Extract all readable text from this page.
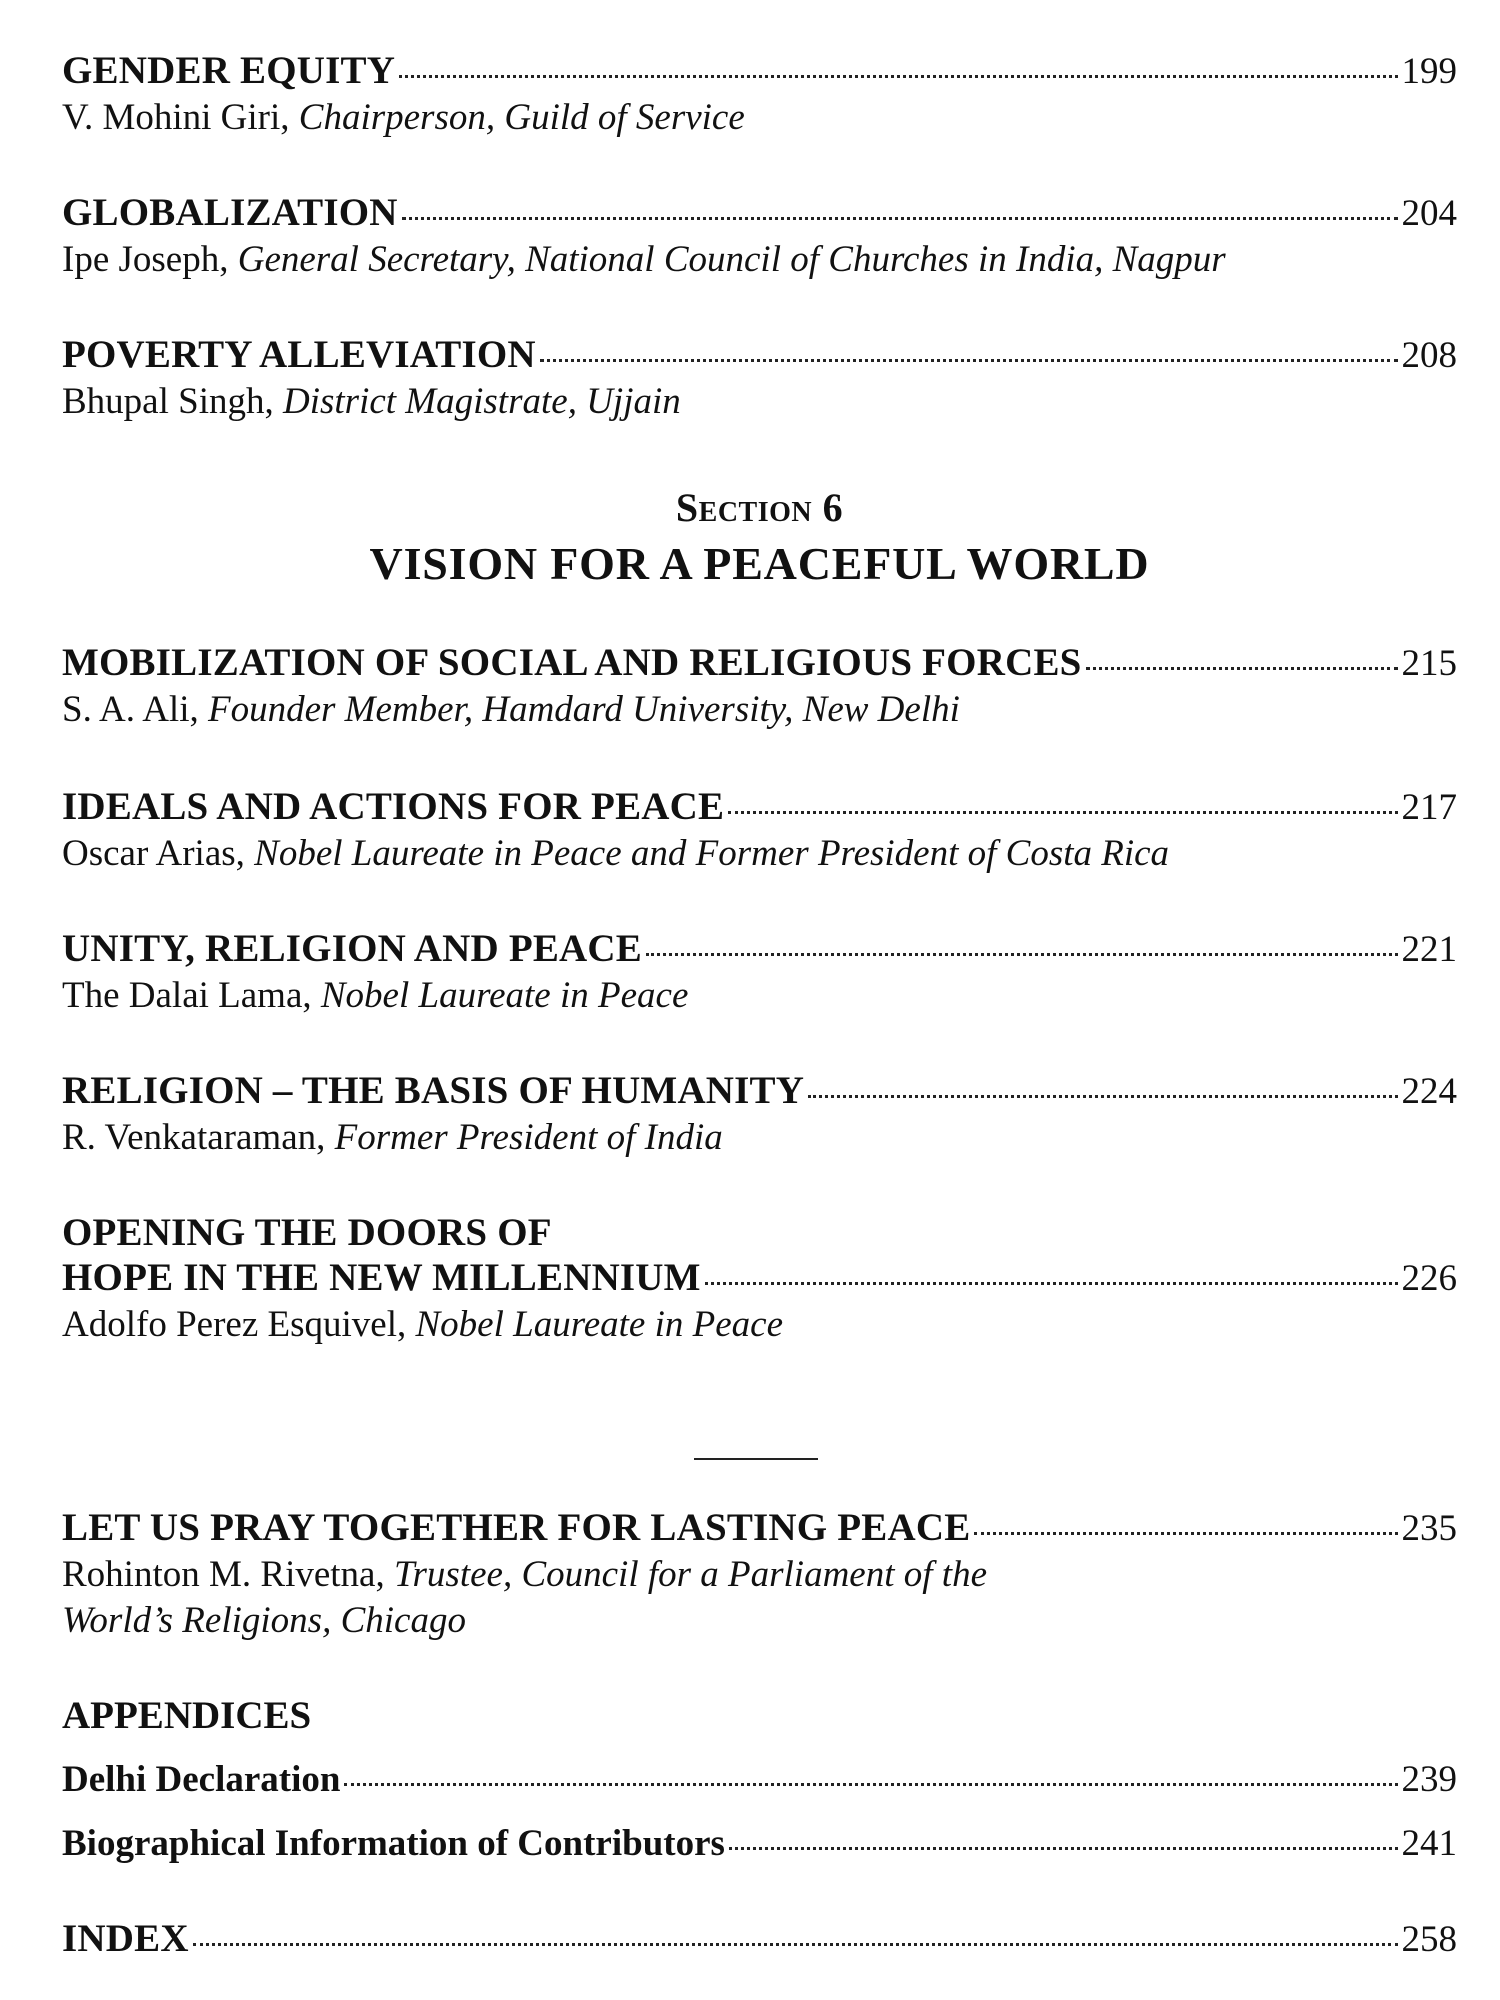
GENDER EQUITY	199
V. Mohini Giri, Chairperson, Guild of Service
GLOBALIZATION	204
Ipe Joseph, General Secretary, National Council of Churches in India, Nagpur
POVERTY ALLEVIATION	208
Bhupal Singh, District Magistrate, Ujjain
Section 6
VISION FOR A PEACEFUL WORLD
MOBILIZATION OF SOCIAL AND RELIGIOUS FORCES	215
S. A. Ali, Founder Member, Hamdard University, New Delhi
IDEALS AND ACTIONS FOR PEACE	217
Oscar Arias, Nobel Laureate in Peace and Former President of Costa Rica
UNITY, RELIGION AND PEACE	221
The Dalai Lama, Nobel Laureate in Peace
RELIGION – THE BASIS OF HUMANITY	224
R. Venkataraman, Former President of India
OPENING THE DOORS OF
HOPE IN THE NEW MILLENNIUM	226
Adolfo Perez Esquivel, Nobel Laureate in Peace
LET US PRAY TOGETHER FOR LASTING PEACE	235
Rohinton M. Rivetna, Trustee, Council for a Parliament of the
World’s Religions, Chicago
APPENDICES
Delhi Declaration	239
Biographical Information of Contributors	241
INDEX	258
